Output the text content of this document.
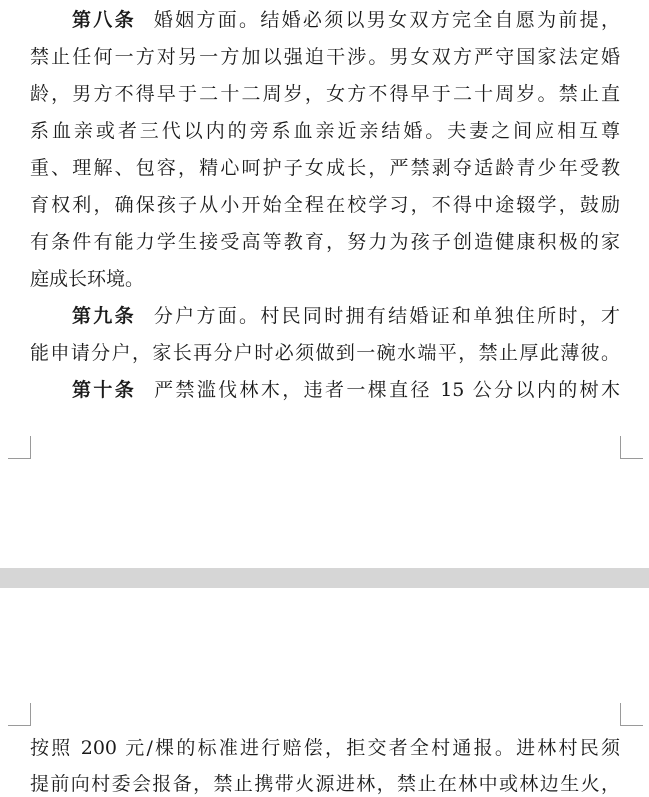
第八条 婚姻方面。结婚必须以男女双方完全自愿为前提，
禁止任何一方对另一方加以强迫干涉。男女双方严守国家法定婚
龄，男方不得早于二十二周岁，女方不得早于二十周岁。禁止直
系血亲或者三代以内的旁系血亲近亲结婚。夫妻之间应相互尊
重、理解、包容，精心呵护子女成长，严禁剥夺适龄青少年受教
育权利，确保孩子从小开始全程在校学习，不得中途辍学，鼓励
有条件有能力学生接受高等教育，努力为孩子创造健康积极的家
庭成长环境。
第九条 分户方面。村民同时拥有结婚证和单独住所时，才
能申请分户，家长再分户时必须做到一碗水端平，禁止厚此薄彼。
第十条 严禁滥伐林木，违者一棵直径 15 公分以内的树木
按照 200 元/棵的标准进行赔偿，拒交者全村通报。进林村民须
提前向村委会报备，禁止携带火源进林，禁止在林中或林边生火，
